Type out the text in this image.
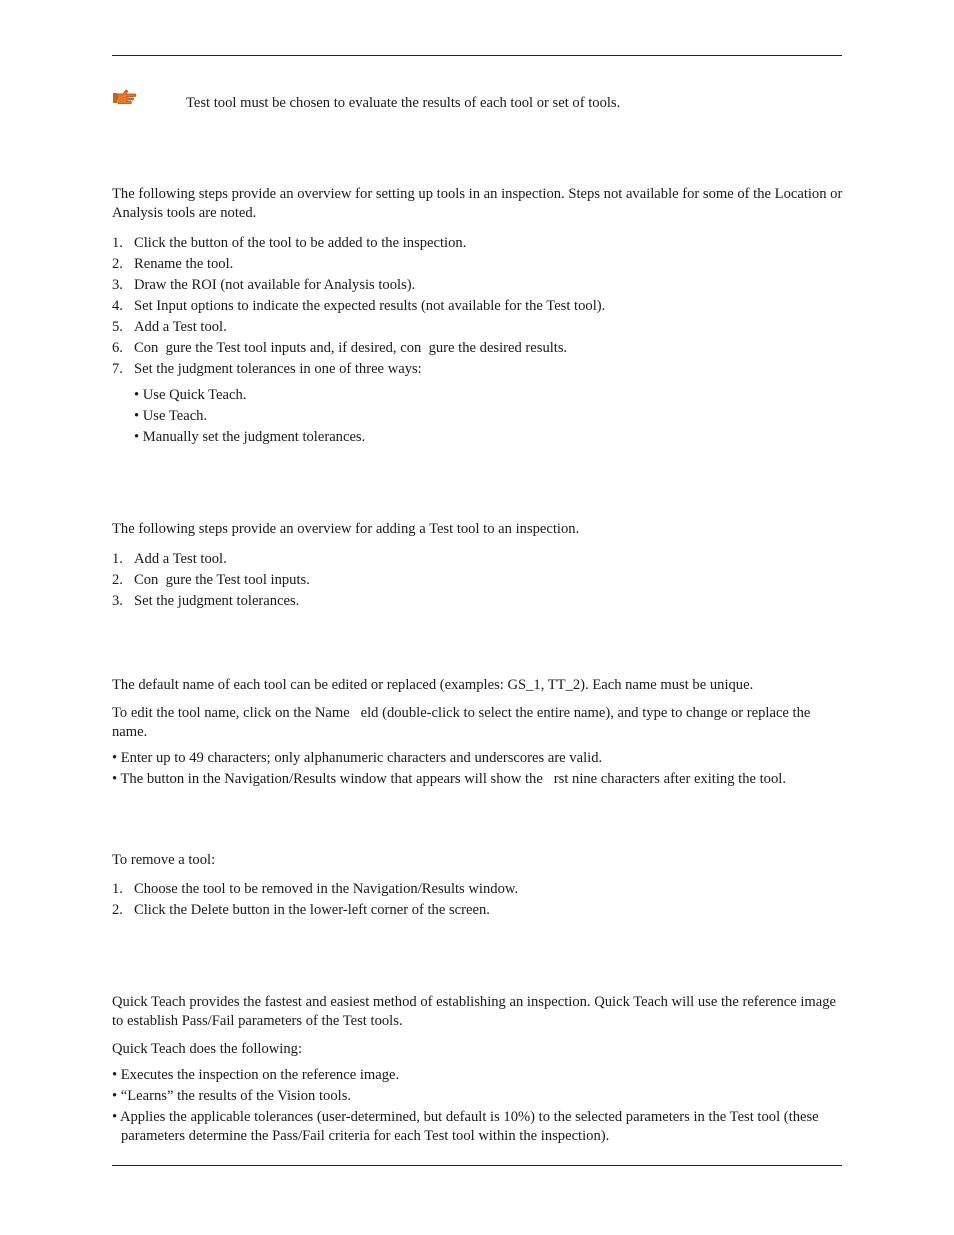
Test tool must be chosen to evaluate the results of each tool or set of tools.

The following steps provide an overview for setting up tools in an inspection. Steps not available for some of the Location or Analysis tools are noted.

1. Click the button of the tool to be added to the inspection.
2. Rename the tool.
3. Draw the ROI (not available for Analysis tools).
4. Set Input options to indicate the expected results (not available for the Test tool).
5. Add a Test tool.
6. Con  gure the Test tool inputs and, if desired, con  gure the desired results.
7. Set the judgment tolerances in one of three ways:
• Use Quick Teach.
• Use Teach.
• Manually set the judgment tolerances.

The following steps provide an overview for adding a Test tool to an inspection.

1. Add a Test tool.
2. Con  gure the Test tool inputs.
3. Set the judgment tolerances.

The default name of each tool can be edited or replaced (examples: GS_1, TT_2). Each name must be unique.

To edit the tool name, click on the Name   eld (double-click to select the entire name), and type to change or replace the name.

• Enter up to 49 characters; only alphanumeric characters and underscores are valid.
• The button in the Navigation/Results window that appears will show the   rst nine characters after exiting the tool.

To remove a tool:

1. Choose the tool to be removed in the Navigation/Results window.
2. Click the Delete button in the lower-left corner of the screen.

Quick Teach provides the fastest and easiest method of establishing an inspection. Quick Teach will use the reference image to establish Pass/Fail parameters of the Test tools.

Quick Teach does the following:

• Executes the inspection on the reference image.
• “Learns” the results of the Vision tools.
• Applies the applicable tolerances (user-determined, but default is 10%) to the selected parameters in the Test tool (these parameters determine the Pass/Fail criteria for each Test tool within the inspection).
